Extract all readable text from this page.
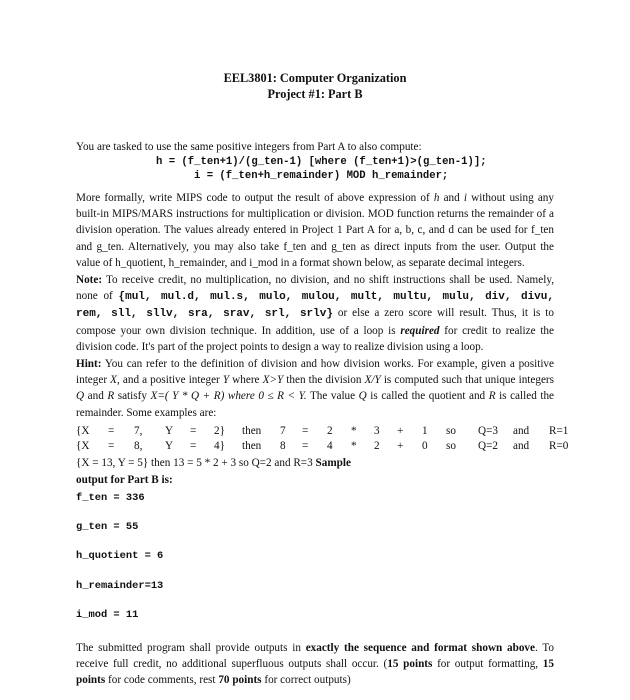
EEL3801: Computer Organization
Project #1: Part B
You are tasked to use the same positive integers from Part A to also compute:
h = (f_ten+1)/(g_ten-1) [where (f_ten+1)>(g_ten-1)];
i = (f_ten+h_remainder) MOD h_remainder;
More formally, write MIPS code to output the result of above expression of h and i without using any built-in MIPS/MARS instructions for multiplication or division. MOD function returns the remainder of a division operation. The values already entered in Project 1 Part A for a, b, c, and d can be used for f_ten and g_ten. Alternatively, you may also take f_ten and g_ten as direct inputs from the user. Output the value of h_quotient, h_remainder, and i_mod in a format shown below, as separate decimal integers.
Note: To receive credit, no multiplication, no division, and no shift instructions shall be used. Namely, none of {mul, mul.d, mul.s, mulo, mulou, mult, multu, mulu, div, divu, rem, sll, sllv, sra, srav, srl, srlv} or else a zero score will result. Thus, it is to compose your own division technique. In addition, use of a loop is required for credit to realize the division code. It's part of the project points to design a way to realize division using a loop.
Hint: You can refer to the definition of division and how division works. For example, given a positive integer X, and a positive integer Y where X>Y then the division X/Y is computed such that unique integers Q and R satisfy X=( Y * Q + R) where 0 ≤ R < Y. The value Q is called the quotient and R is called the remainder. Some examples are:
{X = 7, Y = 2} then 7 = 2 * 3 + 1 so Q=3 and R=1
{X = 8, Y = 4} then 8 = 4 * 2 + 0 so Q=2 and R=0
{X = 13, Y = 5} then 13 = 5 * 2 + 3 so Q=2 and R=3 Sample
output for Part B is:
f_ten = 336
g_ten = 55
h_quotient = 6
h_remainder=13
i_mod = 11
The submitted program shall provide outputs in exactly the sequence and format shown above. To receive full credit, no additional superfluous outputs shall occur. (15 points for output formatting, 15 points for code comments, rest 70 points for correct outputs)
